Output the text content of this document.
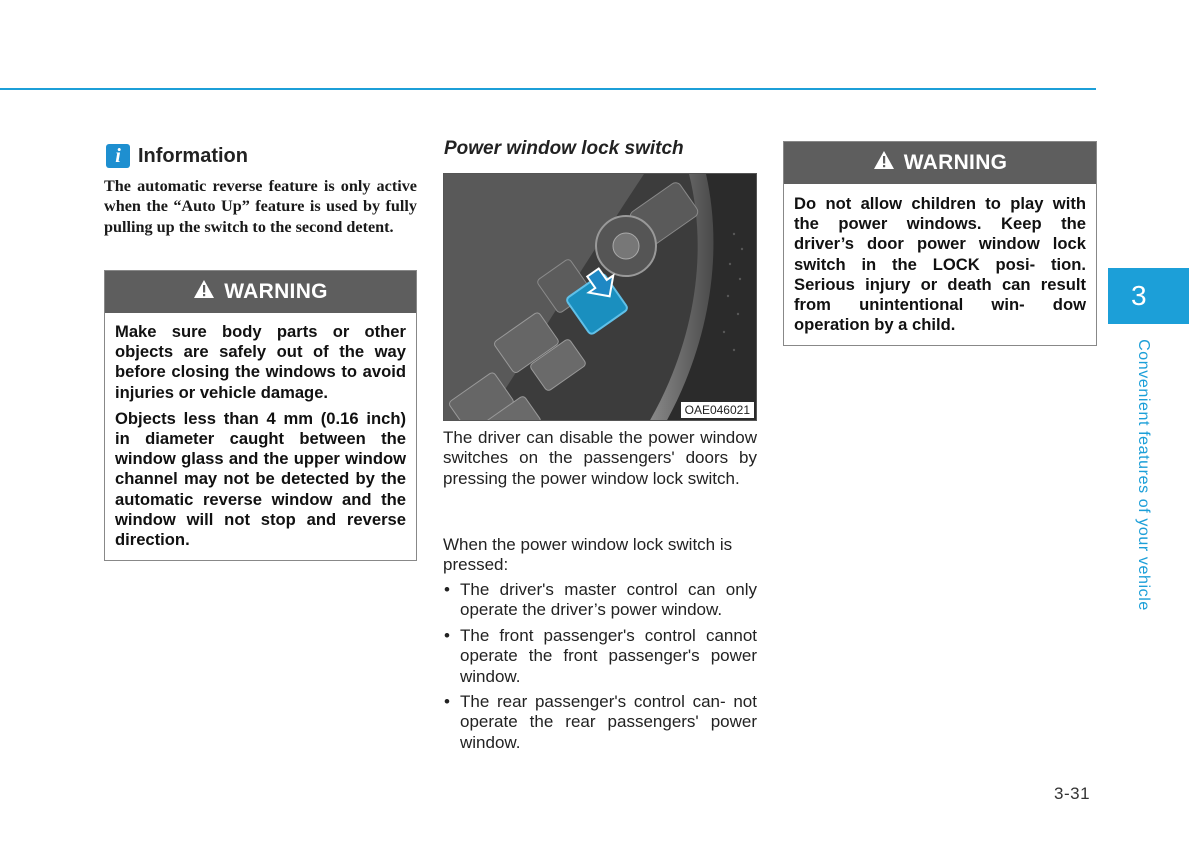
i Information
The automatic reverse feature is only active when the “Auto Up” feature is used by fully pulling up the switch to the second detent.
WARNING

Make sure body parts or other objects are safely out of the way before closing the windows to avoid injuries or vehicle damage.

Objects less than 4 mm (0.16 inch) in diameter caught between the window glass and the upper window channel may not be detected by the automatic reverse window and the window will not stop and reverse direction.

Power window lock switch
OAE046021

The driver can disable the power window switches on the passengers' doors by pressing the power window lock switch.

When the power window lock switch is pressed:

• The driver's master control can only operate the driver’s power window.
• The front passenger's control cannot operate the front passenger's power window.
• The rear passenger's control can- not operate the rear passengers' power window.
WARNING

Do not allow children to play with the power windows. Keep the driver’s door power window lock switch in the LOCK posi- tion. Serious injury or death can result from unintentional win- dow operation by a child.

3
Convenient features of your vehicle
3-31
